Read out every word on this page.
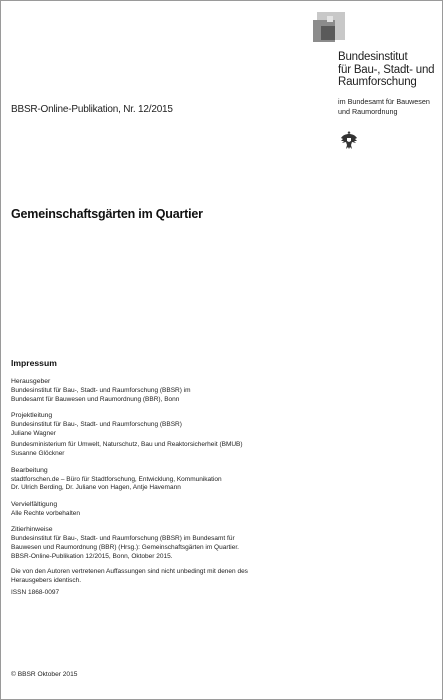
Bundesinstitut
für Bau-, Stadt- und
Raumforschung
im Bundesamt für Bauwesen
und Raumordnung
BBSR-Online-Publikation, Nr. 12/2015
Gemeinschaftsgärten im Quartier
Impressum
Herausgeber
Bundesinstitut für Bau-, Stadt- und Raumforschung (BBSR) im
Bundesamt für Bauwesen und Raumordnung (BBR), Bonn
Projektleitung
Bundesinstitut für Bau-, Stadt- und Raumforschung (BBSR)
Juliane Wagner
Bundesministerium für Umwelt, Naturschutz, Bau und Reaktorsicherheit (BMUB)
Susanne Glöckner
Bearbeitung
stadtforschen.de – Büro für Stadtforschung, Entwicklung, Kommunikation
Dr. Ulrich Berding, Dr. Juliane von Hagen, Antje Havemann
Vervielfältigung
Alle Rechte vorbehalten
Zitierhinweise
Bundesinstitut für Bau-, Stadt- und Raumforschung (BBSR) im Bundesamt für
Bauwesen und Raumordnung (BBR) (Hrsg.): Gemeinschaftsgärten im Quartier.
BBSR-Online-Publikation 12/2015, Bonn, Oktober 2015.
Die von den Autoren vertretenen Auffassungen sind nicht unbedingt mit denen des
Herausgebers identisch.
ISSN 1868-0097
© BBSR Oktober 2015
